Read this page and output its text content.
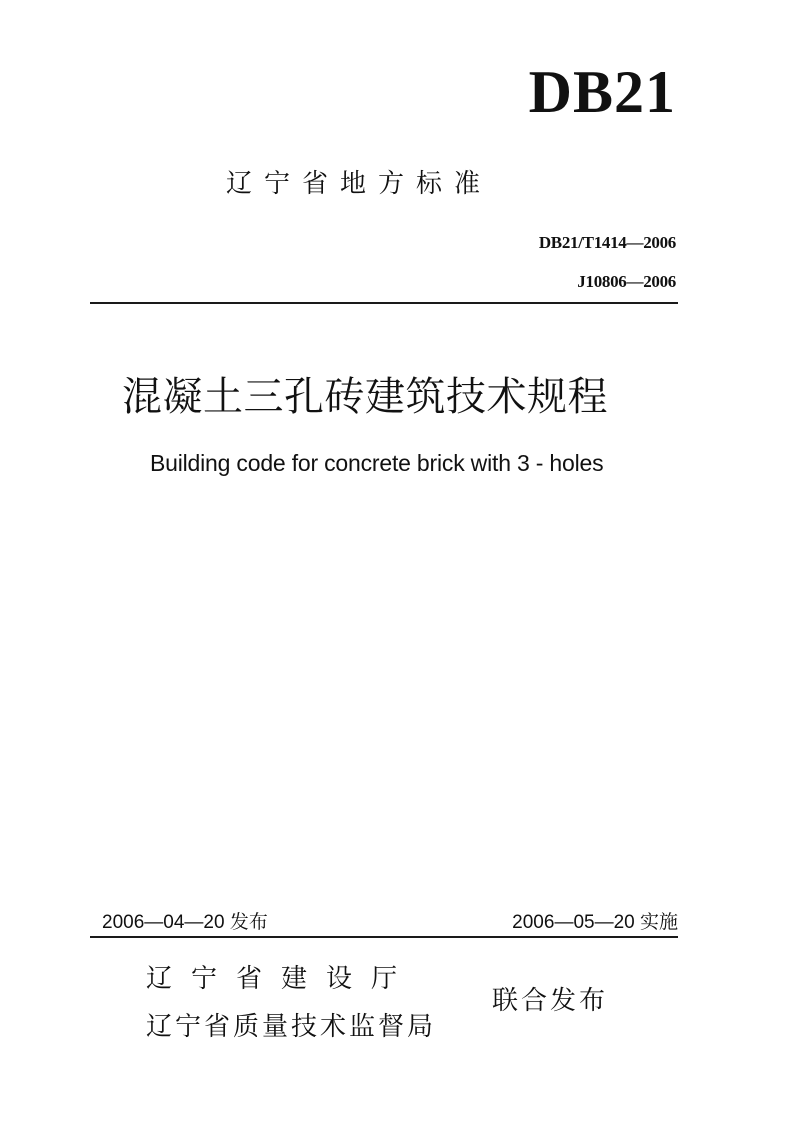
DB21
辽宁省地方标准
DB21/T1414—2006
J10806—2006
混凝土三孔砖建筑技术规程
Building code for concrete brick with 3 - holes
2006—04—20 发布	2006—05—20 实施
辽宁省建设厅
辽宁省质量技术监督局
联合发布
